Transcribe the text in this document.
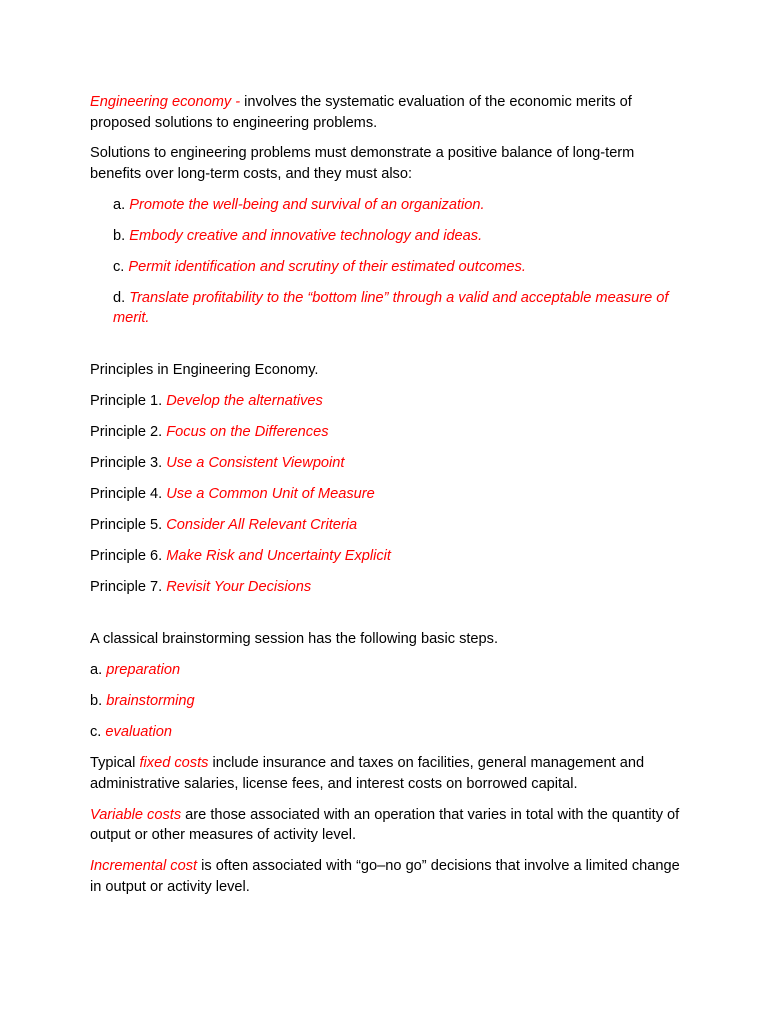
Engineering economy - involves the systematic evaluation of the economic merits of proposed solutions to engineering problems.

Solutions to engineering problems must demonstrate a positive balance of long-term benefits over long-term costs, and they must also:

a. Promote the well-being and survival of an organization.

b. Embody creative and innovative technology and ideas.

c. Permit identification and scrutiny of their estimated outcomes.

d. Translate profitability to the “bottom line” through a valid and acceptable measure of merit.

Principles in Engineering Economy.

Principle 1. Develop the alternatives

Principle 2. Focus on the Differences

Principle 3. Use a Consistent Viewpoint

Principle 4. Use a Common Unit of Measure

Principle 5. Consider All Relevant Criteria

Principle 6. Make Risk and Uncertainty Explicit

Principle 7. Revisit Your Decisions

A classical brainstorming session has the following basic steps.

a. preparation

b. brainstorming

c. evaluation

Typical fixed costs include insurance and taxes on facilities, general management and administrative salaries, license fees, and interest costs on borrowed capital.

Variable costs are those associated with an operation that varies in total with the quantity of output or other measures of activity level.

Incremental cost is often associated with “go–no go” decisions that involve a limited change in output or activity level.
